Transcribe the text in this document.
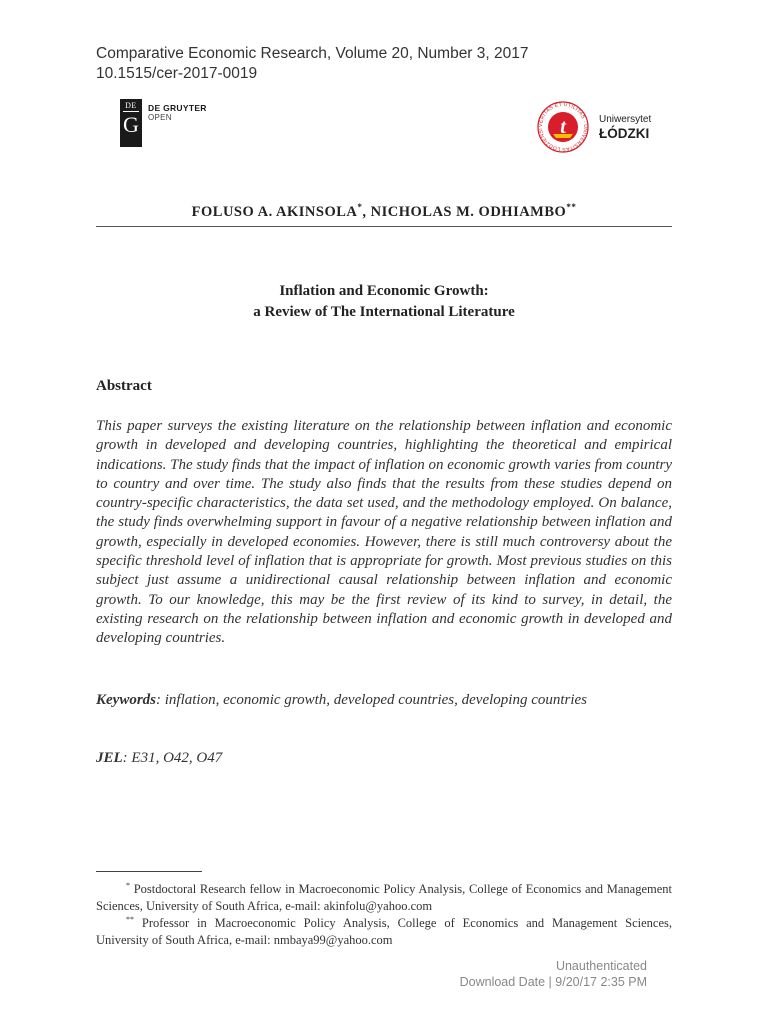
Comparative Economic Research, Volume 20, Number 3, 2017
10.1515/cer-2017-0019
DE
G
DE GRUYTER
OPEN
VERITAS ET UTILITAS · UNIVERSITAS LODZIENSI t	Uniwersytet
ŁÓDZKI
FOLUSO A. AKINSOLA*, NICHOLAS M. ODHIAMBO**
Inflation and Economic Growth:
a Review of The International Literature
Abstract

This paper surveys the existing literature on the relationship between inflation and economic growth in developed and developing countries, highlighting the theoretical and empirical indications. The study finds that the impact of inflation on economic growth varies from country to country and over time. The study also finds that the results from these studies depend on country-specific characteristics, the data set used, and the methodology employed. On balance, the study finds overwhelming support in favour of a negative relationship between inflation and growth, especially in developed economies. However, there is still much controversy about the specific threshold level of inflation that is appropriate for growth. Most previous studies on this subject just assume a unidirectional causal relationship between inflation and economic growth. To our knowledge, this may be the first review of its kind to survey, in detail, the existing research on the relationship between inflation and economic growth in developed and developing countries.

Keywords: inflation, economic growth, developed countries, developing countries
JEL: E31, O42, O47

* Postdoctoral Research fellow in Macroeconomic Policy Analysis, College of Economics and Management Sciences, University of South Africa, e-mail: akinfolu@yahoo.com

** Professor in Macroeconomic Policy Analysis, College of Economics and Management Sciences, University of South Africa, e-mail: nmbaya99@yahoo.com

Unauthenticated
Download Date | 9/20/17 2:35 PM
